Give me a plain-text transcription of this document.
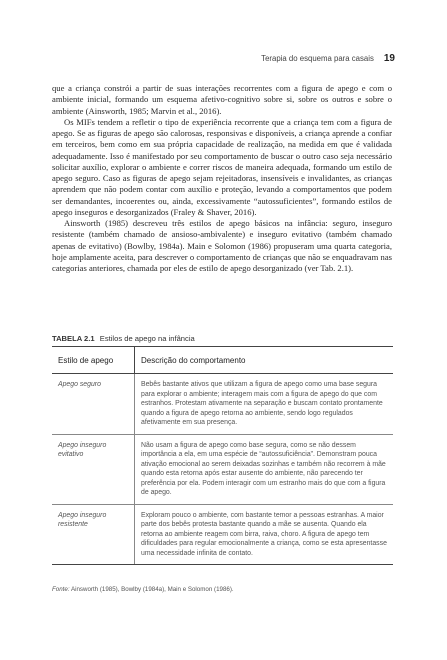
Terapia do esquema para casais 19

que a criança constrói a partir de suas interações recorrentes com a figura de apego e com o ambiente inicial, formando um esquema afetivo-cognitivo sobre si, sobre os outros e sobre o ambiente (Ainsworth, 1985; Marvin et al., 2016).

Os MIFs tendem a refletir o tipo de experiência recorrente que a criança tem com a figura de apego. Se as figuras de apego são calorosas, responsivas e disponíveis, a criança aprende a confiar em terceiros, bem como em sua própria capacidade de realização, na medida em que é validada adequadamente. Isso é manifestado por seu comportamento de buscar o outro caso seja necessário solicitar auxílio, explorar o ambiente e correr riscos de maneira adequada, formando um estilo de apego seguro. Caso as figuras de apego sejam rejeitadoras, insensíveis e invalidantes, as crianças aprendem que não podem contar com auxílio e proteção, levando a comportamentos que podem ser demandantes, incoerentes ou, ainda, excessivamente “autossuficientes”, formando estilos de apego inseguros e desorganizados (Fraley & Shaver, 2016).

Ainsworth (1985) descreveu três estilos de apego básicos na infância: seguro, inseguro resistente (também chamado de ansioso-ambivalente) e inseguro evitativo (também chamado apenas de evitativo) (Bowlby, 1984a). Main e Solomon (1986) propuseram uma quarta categoria, hoje amplamente aceita, para descrever o comportamento de crianças que não se enquadravam nas categorias anteriores, chamada por eles de estilo de apego desorganizado (ver Tab. 2.1).

TABELA 2.1 Estilos de apego na infância
Estilo de apego	Descrição do comportamento
Apego seguro	Bebês bastante ativos que utilizam a figura de apego como uma base segura para explorar o ambiente; interagem mais com a figura de apego do que com estranhos. Protestam ativamente na separação e buscam contato prontamente quando a figura de apego retorna ao ambiente, sendo logo regulados afetivamente em sua presença.
Apego inseguro evitativo	Não usam a figura de apego como base segura, como se não dessem importância a ela, em uma espécie de “autossuficiência”. Demonstram pouca ativação emocional ao serem deixadas sozinhas e também não recorrem à mãe quando esta retorna após estar ausente do ambiente, não parecendo ter preferência por ela. Podem interagir com um estranho mais do que com a figura de apego.
Apego inseguro resistente	Exploram pouco o ambiente, com bastante temor a pessoas estranhas. A maior parte dos bebês protesta bastante quando a mãe se ausenta. Quando ela retorna ao ambiente reagem com birra, raiva, choro. A figura de apego tem dificuldades para regular emocionalmente a criança, como se esta apresentasse uma necessidade infinita de contato.
Fonte: Ainsworth (1985), Bowlby (1984a), Main e Solomon (1986).
